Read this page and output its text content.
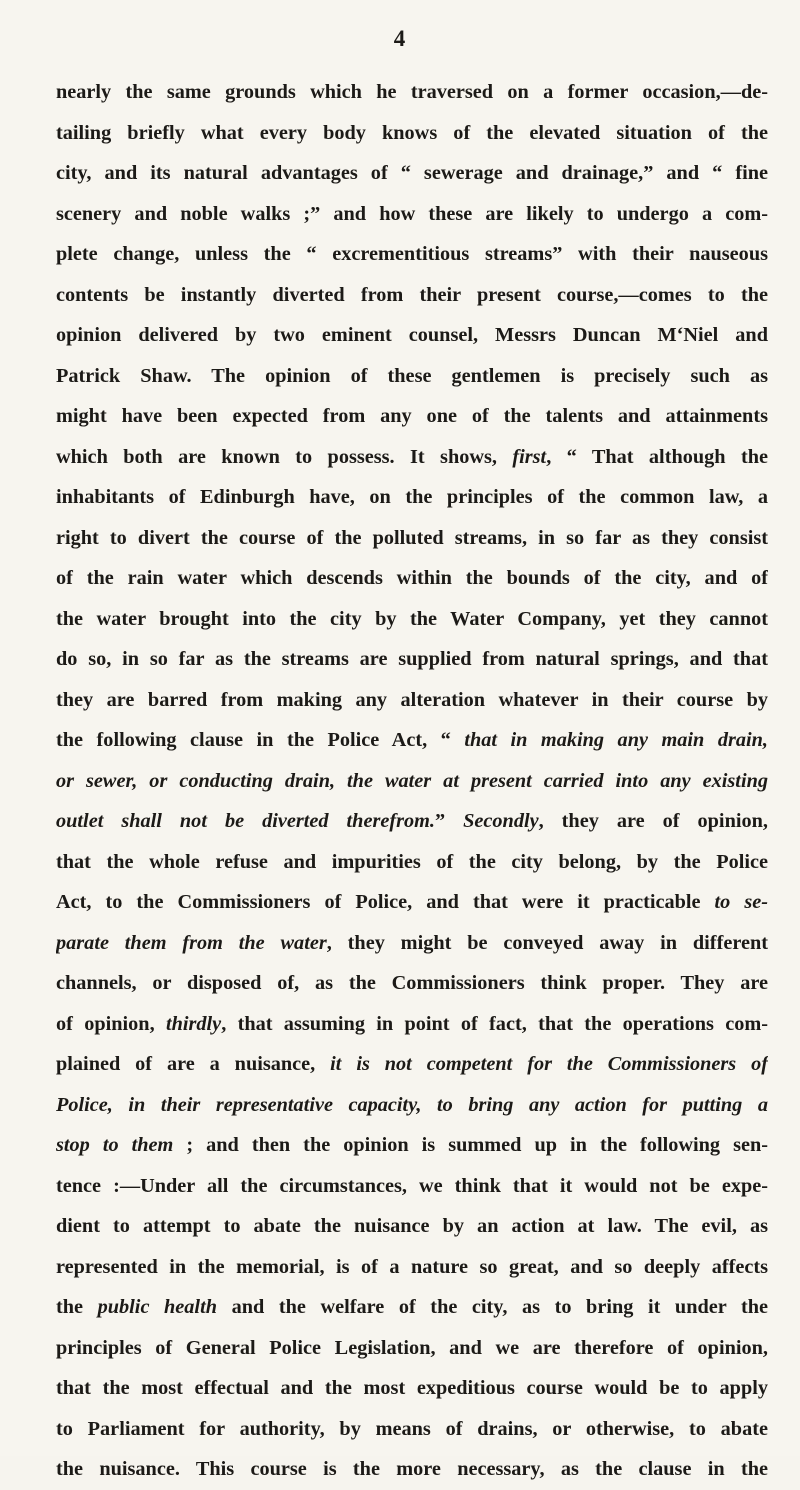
4
nearly the same grounds which he traversed on a former occasion,—de-
tailing briefly what every body knows of the elevated situation of the
city, and its natural advantages of “ sewerage and drainage,” and “ fine
scenery and noble walks ;” and how these are likely to undergo a com-
plete change, unless the “ excrementitious streams” with their nauseous
contents be instantly diverted from their present course,—comes to the
opinion delivered by two eminent counsel, Messrs Duncan M‘Niel and
Patrick Shaw. The opinion of these gentlemen is precisely such as
might have been expected from any one of the talents and attainments
which both are known to possess. It shows, first, “ That although the
inhabitants of Edinburgh have, on the principles of the common law, a
right to divert the course of the polluted streams, in so far as they consist
of the rain water which descends within the bounds of the city, and of
the water brought into the city by the Water Company, yet they cannot
do so, in so far as the streams are supplied from natural springs, and that
they are barred from making any alteration whatever in their course by
the following clause in the Police Act, “ that in making any main drain,
or sewer, or conducting drain, the water at present carried into any existing
outlet shall not be diverted therefrom.” Secondly, they are of opinion,
that the whole refuse and impurities of the city belong, by the Police
Act, to the Commissioners of Police, and that were it practicable to se-
parate them from the water, they might be conveyed away in different
channels, or disposed of, as the Commissioners think proper. They are
of opinion, thirdly, that assuming in point of fact, that the operations com-
plained of are a nuisance, it is not competent for the Commissioners of
Police, in their representative capacity, to bring any action for putting a
stop to them ; and then the opinion is summed up in the following sen-
tence :—Under all the circumstances, we think that it would not be expe-
dient to attempt to abate the nuisance by an action at law. The evil, as
represented in the memorial, is of a nature so great, and so deeply affects
the public health and the welfare of the city, as to bring it under the
principles of General Police Legislation, and we are therefore of opinion,
that the most effectual and the most expeditious course would be to apply
to Parliament for authority, by means of drains, or otherwise, to abate
the nuisance. This course is the more necessary, as the clause in the
